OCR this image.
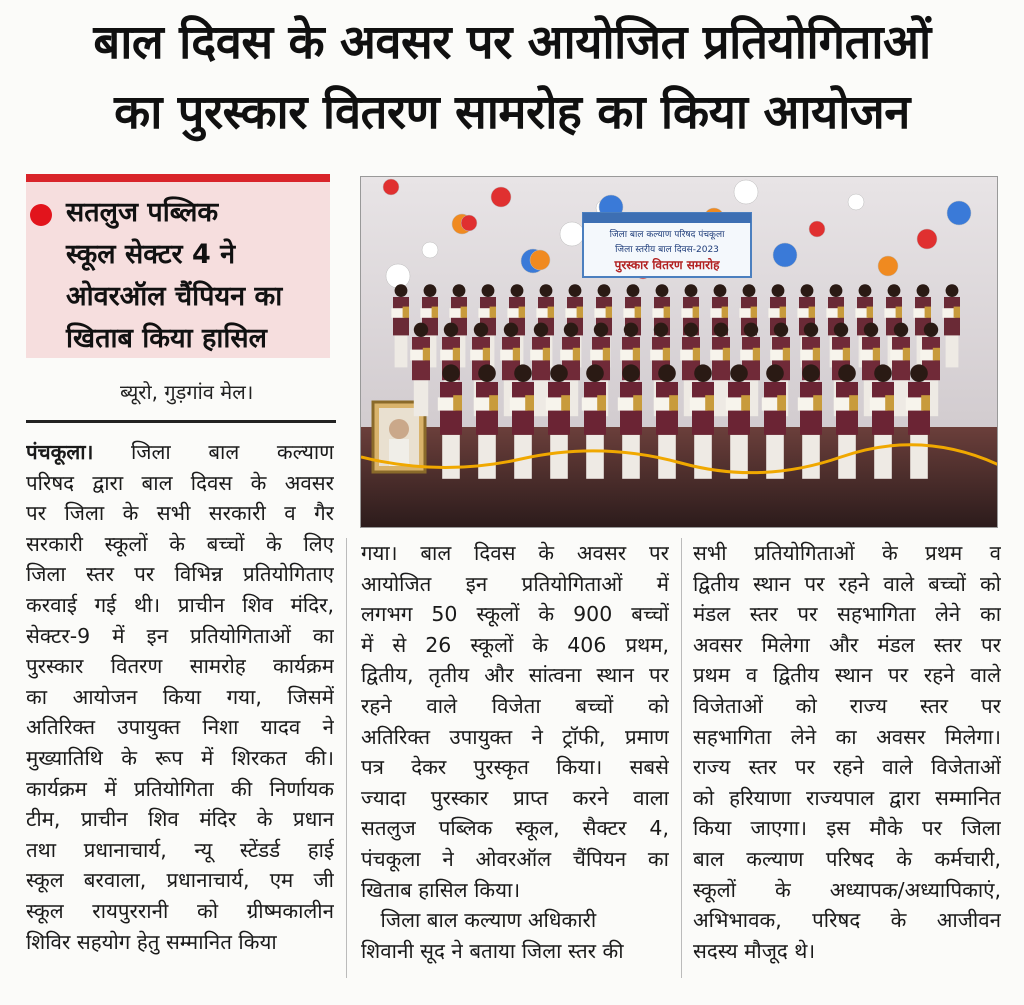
बाल दिवस के अवसर पर आयोजित प्रतियोगिताओं
का पुरस्कार वितरण सामरोह का किया आयोजन
सतलुज पब्लिक
स्कूल सेक्टर 4 ने
ओवरऑल चैंपियन का
खिताब किया हासिल
ब्यूरो, गुड़गांव मेल।
जिला बाल कल्याण परिषद पंचकूला
जिला स्तरीय बाल दिवस-2023
पुरस्कार वितरण समारोह
पंचकूला। जिला बाल कल्याण
परिषद द्वारा बाल दिवस के अवसर
पर जिला के सभी सरकारी व गैर
सरकारी स्कूलों के बच्चों के लिए
जिला स्तर पर विभिन्न प्रतियोगिताए
करवाई गई थी। प्राचीन शिव मंदिर,
सेक्टर-9 में इन प्रतियोगिताओं का
पुरस्कार वितरण सामरोह कार्यक्रम
का आयोजन किया गया, जिसमें
अतिरिक्त उपायुक्त निशा यादव ने
मुख्यातिथि के रूप में शिरकत की।
कार्यक्रम में प्रतियोगिता की निर्णायक
टीम, प्राचीन शिव मंदिर के प्रधान
तथा प्रधानाचार्य, न्यू स्टेंडर्ड हाई
स्कूल बरवाला, प्रधानाचार्य, एम जी
स्कूल रायपुररानी को ग्रीष्मकालीन
शिविर सहयोग हेतु सम्मानित किया
गया। बाल दिवस के अवसर पर
आयोजित इन प्रतियोगिताओं में
लगभग 50 स्कूलों के 900 बच्चों
में से 26 स्कूलों के 406 प्रथम,
द्वितीय, तृतीय और सांत्वना स्थान पर
रहने वाले विजेता बच्चों को
अतिरिक्त उपायुक्त ने ट्रॉफी, प्रमाण
पत्र देकर पुरस्कृत किया। सबसे
ज्यादा पुरस्कार प्राप्त करने वाला
सतलुज पब्लिक स्कूल, सैक्टर 4,
पंचकूला ने ओवरऑल चैंपियन का
खिताब हासिल किया।
जिला बाल कल्याण अधिकारी
शिवानी सूद ने बताया जिला स्तर की
सभी प्रतियोगिताओं के प्रथम व
द्वितीय स्थान पर रहने वाले बच्चों को
मंडल स्तर पर सहभागिता लेने का
अवसर मिलेगा और मंडल स्तर पर
प्रथम व द्वितीय स्थान पर रहने वाले
विजेताओं को राज्य स्तर पर
सहभागिता लेने का अवसर मिलेगा।
राज्य स्तर पर रहने वाले विजेताओं
को हरियाणा राज्यपाल द्वारा सम्मानित
किया जाएगा। इस मौके पर जिला
बाल कल्याण परिषद के कर्मचारी,
स्कूलों के अध्यापक/अध्यापिकाएं,
अभिभावक, परिषद के आजीवन
सदस्य मौजूद थे।
